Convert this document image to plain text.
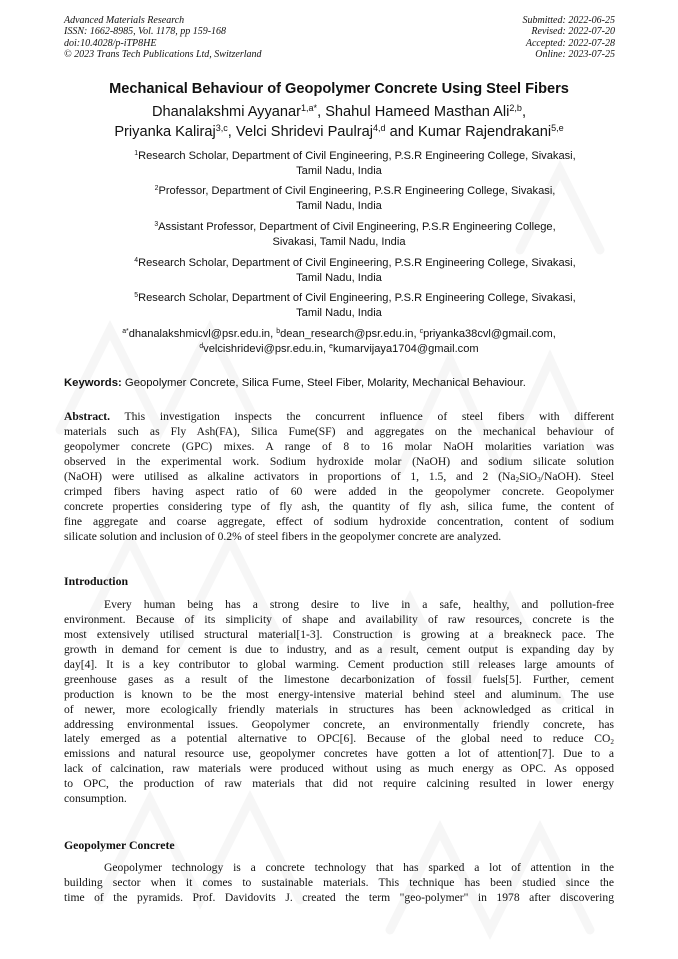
Advanced Materials Research
ISSN: 1662-8985, Vol. 1178, pp 159-168
doi:10.4028/p-iTP8HE
© 2023 Trans Tech Publications Ltd, Switzerland
Submitted: 2022-06-25
Revised: 2022-07-20
Accepted: 2022-07-28
Online: 2023-07-25
Mechanical Behaviour of Geopolymer Concrete Using Steel Fibers
Dhanalakshmi Ayyanar$^{1,a*}$, Shahul Hameed Masthan Ali$^{2,b}$,
Priyanka Kaliraj$^{3,c}$, Velci Shridevi Paulraj$^{4,d}$ and Kumar Rajendrakani$^{5,e}$
$^1$Research Scholar, Department of Civil Engineering, P.S.R Engineering College, Sivakasi,
Tamil Nadu, India
$^2$Professor, Department of Civil Engineering, P.S.R Engineering College, Sivakasi,
Tamil Nadu, India
$^3$Assistant Professor, Department of Civil Engineering, P.S.R Engineering College,
Sivakasi, Tamil Nadu, India
$^4$Research Scholar, Department of Civil Engineering, P.S.R Engineering College, Sivakasi,
Tamil Nadu, India
$^5$Research Scholar, Department of Civil Engineering, P.S.R Engineering College, Sivakasi,
Tamil Nadu, India
$^{a*}$dhanalakshmicvl@psr.edu.in, $^b$dean_research@psr.edu.in, $^c$priyanka38cvl@gmail.com,
$^d$velcishridevi@psr.edu.in, $^e$kumarvijaya1704@gmail.com
Keywords: Geopolymer Concrete, Silica Fume, Steel Fiber, Molarity, Mechanical Behaviour.
Abstract. This investigation inspects the concurrent influence of steel fibers with different
materials such as Fly Ash(FA), Silica Fume(SF) and aggregates on the mechanical behaviour of
geopolymer concrete (GPC) mixes. A range of 8 to 16 molar NaOH molarities variation was
observed in the experimental work. Sodium hydroxide molar (NaOH) and sodium silicate solution
(NaOH) were utilised as alkaline activators in proportions of 1, 1.5, and 2 $(Na_2SiO_3/NaOH)$. Steel
crimped fibers having aspect ratio of 60 were added in the geopolymer concrete. Geopolymer
concrete properties considering type of fly ash, the quantity of fly ash, silica fume, the content of
fine aggregate and coarse aggregate, effect of sodium hydroxide concentration, content of sodium
silicate solution and inclusion of 0.2% of steel fibers in the geopolymer concrete are analyzed.
Introduction
Every human being has a strong desire to live in a safe, healthy, and pollution-free
environment. Because of its simplicity of shape and availability of raw resources, concrete is the
most extensively utilised structural material[1-3]. Construction is growing at a breakneck pace. The
growth in demand for cement is due to industry, and as a result, cement output is expanding day by
day[4]. It is a key contributor to global warming. Cement production still releases large amounts of
greenhouse gases as a result of the limestone decarbonization of fossil fuels[5]. Further, cement
production is known to be the most energy-intensive material behind steel and aluminum. The use
of newer, more ecologically friendly materials in structures has been acknowledged as critical in
addressing environmental issues. Geopolymer concrete, an environmentally friendly concrete, has
lately emerged as a potential alternative to OPC[6]. Because of the global need to reduce $CO_2$
emissions and natural resource use, geopolymer concretes have gotten a lot of attention[7]. Due to a
lack of calcination, raw materials were produced without using as much energy as OPC. As opposed
to OPC, the production of raw materials that did not require calcining resulted in lower energy
consumption.
Geopolymer Concrete
Geopolymer technology is a concrete technology that has sparked a lot of attention in the
building sector when it comes to sustainable materials. This technique has been studied since the
time of the pyramids. Prof. Davidovits J. created the term "geo-polymer" in 1978 after discovering
